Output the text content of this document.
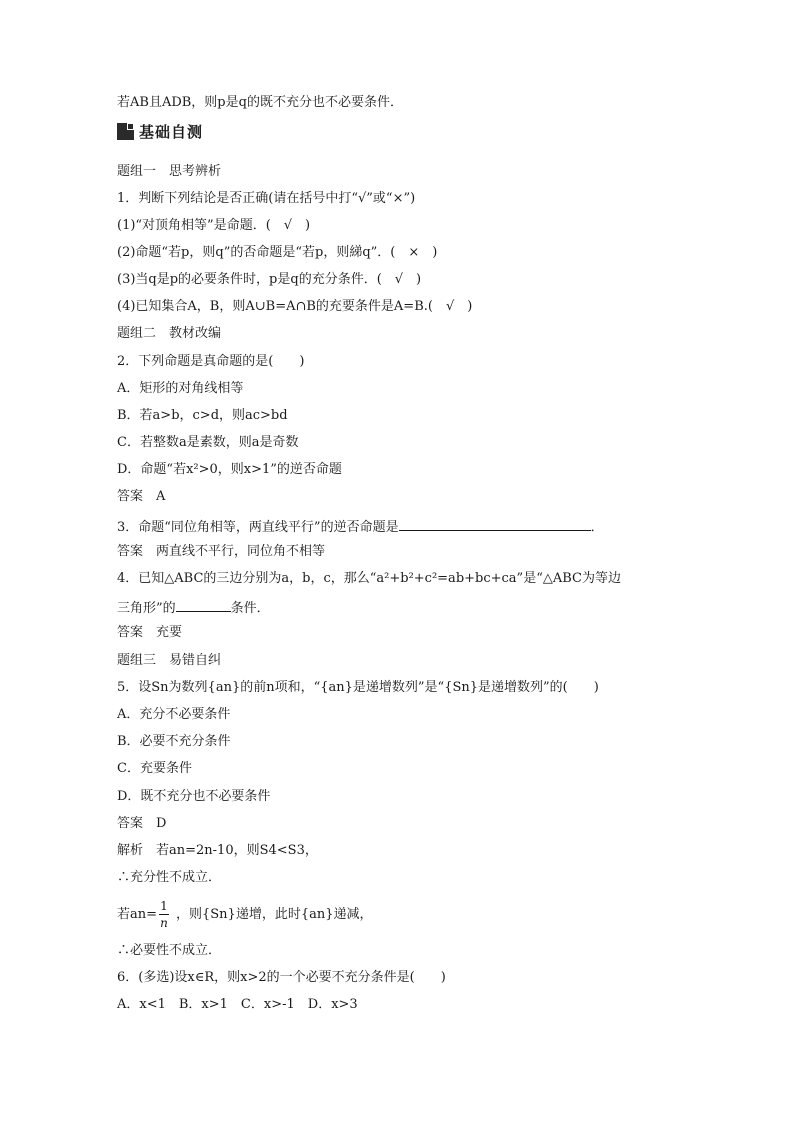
若AB且ADB，则p是q的既不充分也不必要条件．
基础自测
题组一　思考辨析
1．判断下列结论是否正确(请在括号中打“√”或“×”)
(1)“对顶角相等”是命题．(　√　)
(2)命题“若p，则q”的否命题是“若p，则綈q”．(　×　)
(3)当q是p的必要条件时，p是q的充分条件．(　√　)
(4)已知集合A，B，则A∪B=A∩B的充要条件是A=B.(　√　)
题组二　教材改编
2．下列命题是真命题的是(　　)
A．矩形的对角线相等
B．若a>b，c>d，则ac>bd
C．若整数a是素数，则a是奇数
D．命题“若x²>0，则x>1”的逆否命题
答案　A
3．命题“同位角相等，两直线平行”的逆否命题是	．
答案　两直线不平行，同位角不相等
4．已知△ABC的三边分别为a，b，c，那么“a²+b²+c²=ab+bc+ca”是“△ABC为等边
三角形”的	条件．
答案　充要
题组三　易错自纠
5．设Sn为数列{an}的前n项和，“{an}是递增数列”是“{Sn}是递增数列”的(　　)
A．充分不必要条件
B．必要不充分条件
C．充要条件
D．既不充分也不必要条件
答案　D
解析　若an=2n-10，则S4<S3，
∴充分性不成立．
若an=
1
n
，则{Sn}递增，此时{an}递减，
∴必要性不成立．
6．(多选)设x∈R，则x>2的一个必要不充分条件是(　　)
A．x<1　B．x>1　C．x>-1　D．x>3
